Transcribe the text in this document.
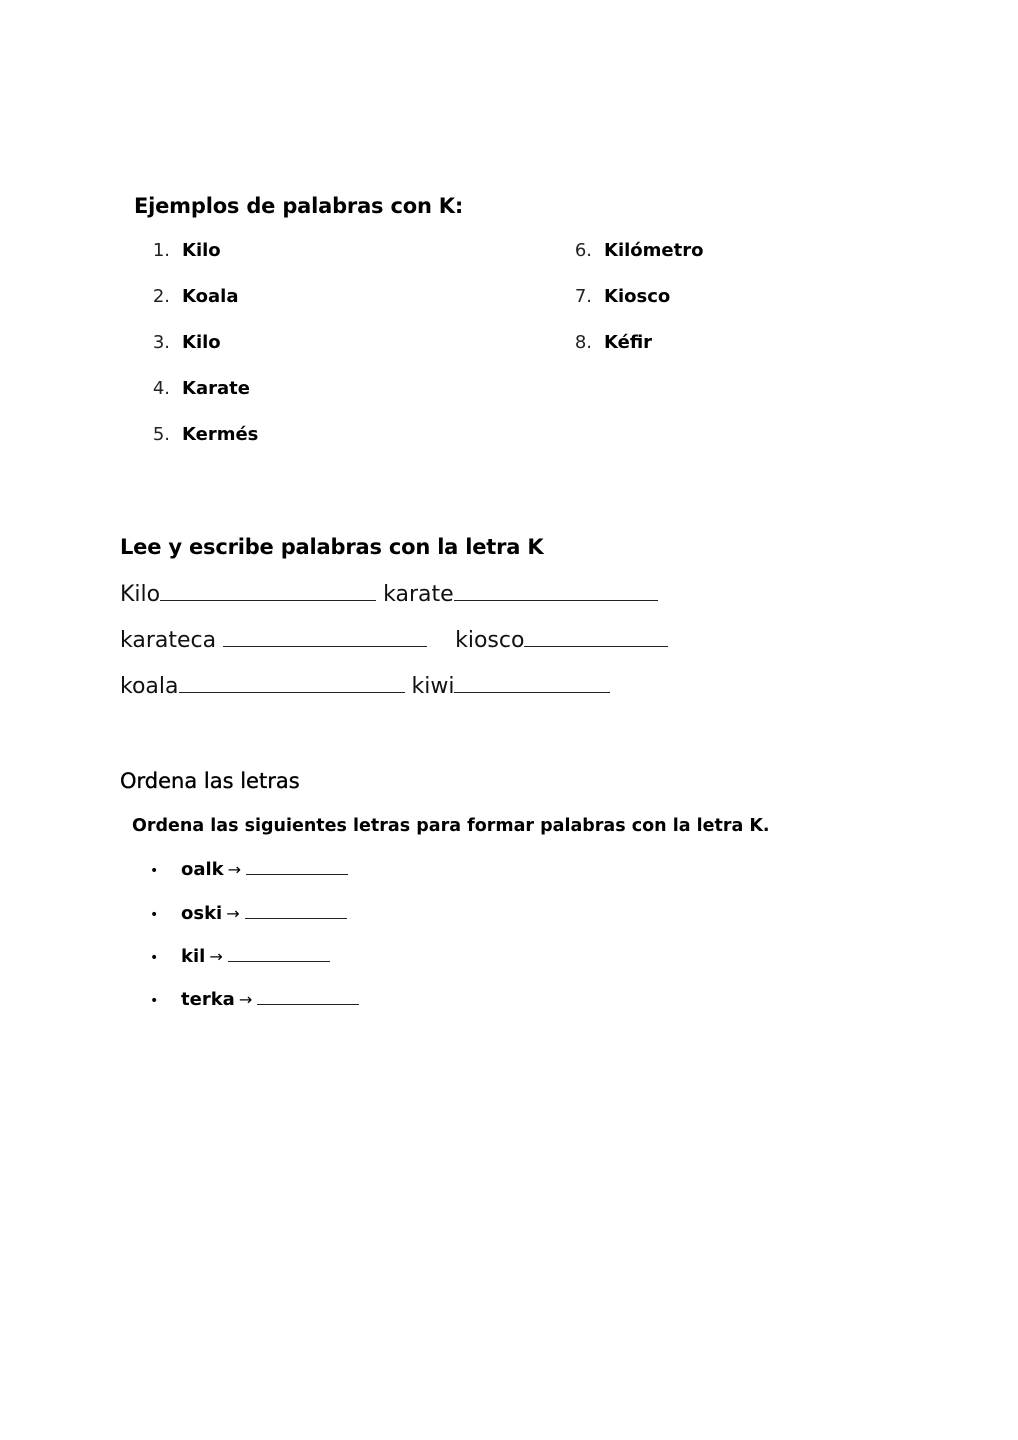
Ejemplos de palabras con K:
1. Kilo
2. Koala
3. Kilo
4. Karate
5. Kermés
6. Kilómetro
7. Kiosco
8. Kéfir
Lee y escribe palabras con la letra K
Kilo	karate
karateca	kiosco
koala	kiwi
Ordena las letras
Ordena las siguientes letras para formar palabras con la letra K.
• oalk →
• oski →
• kil →
• terka →
